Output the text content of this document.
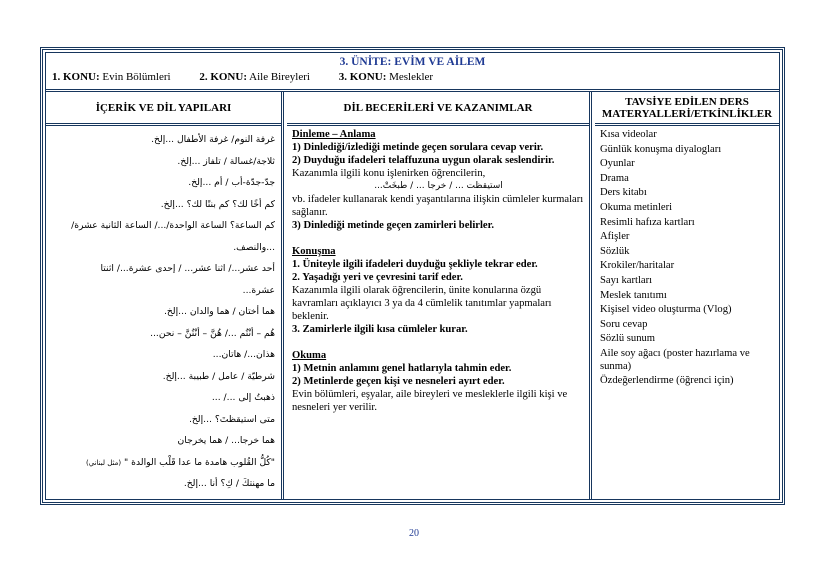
3. ÜNİTE: EVİM VE AİLEM
1. KONU: Evin Bölümleri	2. KONU: Aile Bireyleri	3. KONU: Meslekler
İÇERİK VE DİL YAPILARI
غرفة النوم/ غرفة الأطفال ...إلخ.
ثلاجة/غسالة / تلفاز ...إلخ.
جدّ-جدّة-أب / أم ...إلخ.
كم أخًا لك؟ كم بنتًا لك؟ ...إلخ.
كم الساعة؟ الساعة الواحدة/.../ الساعة الثانية عشرة/
...والنصف.
أحد عشر.../ اثنا عشر... / إحدى عشرة.../ اثنتا
عشرة...
هما أختان / هما والدان ...إلخ.
هُم – أنْتُم .../ هُنَّ – أنْتُنَّ – نحن...
هذان.../ هاتان...
شرطيّة / عامل / طبيبة ...إلخ.
ذهبتُ إلى .../ ...
متى استيقظتَ؟ ...إلخ.
هما خرجا... / هما يخرجان
"كُلُّ القُلوب هامدة ما عدا قَلْب الوالدة " (مثل لبناني)
ما مهنتكَ / كِ؟ أنا ...إلخ.
DİL BECERİLERİ VE KAZANIMLAR
Dinleme – Anlama
1) Dinlediği/izlediği metinde geçen sorulara cevap verir.
2) Duyduğu ifadeleri telaffuzuna uygun olarak seslendirir.
Kazanımla ilgili konu işlenirken öğrencilerin,
استيقظت ... / خرجا ... / طبخَتْ...
vb. ifadeler kullanarak kendi yaşantılarına ilişkin cümleler kurmaları sağlanır.
3) Dinlediği metinde geçen zamirleri belirler.
Konuşma
1. Üniteyle ilgili ifadeleri duyduğu şekliyle tekrar eder.
2. Yaşadığı yeri ve çevresini tarif eder.
Kazanımla ilgili olarak öğrencilerin, ünite konularına özgü kavramları açıklayıcı 3 ya da 4 cümlelik tanıtımlar yapmaları beklenir.
3. Zamirlerle ilgili kısa cümleler kurar.
Okuma
1) Metnin anlamını genel hatlarıyla tahmin eder.
2) Metinlerde geçen kişi ve nesneleri ayırt eder.
Evin bölümleri, eşyalar, aile bireyleri ve mesleklerle ilgili kişi ve nesneleri yer verilir.
TAVSİYE EDİLEN DERS
MATERYALLERİ/ETKİNLİKLER
Kısa videolar
Günlük konuşma diyalogları
Oyunlar
Drama
Ders kitabı
Okuma metinleri
Resimli hafıza kartları
Afişler
Sözlük
Krokiler/haritalar
Sayı kartları
Meslek tanıtımı
Kişisel video oluşturma (Vlog)
Soru cevap
Sözlü sunum
Aile soy ağacı (poster hazırlama ve sunma)
Özdeğerlendirme (öğrenci için)
20
